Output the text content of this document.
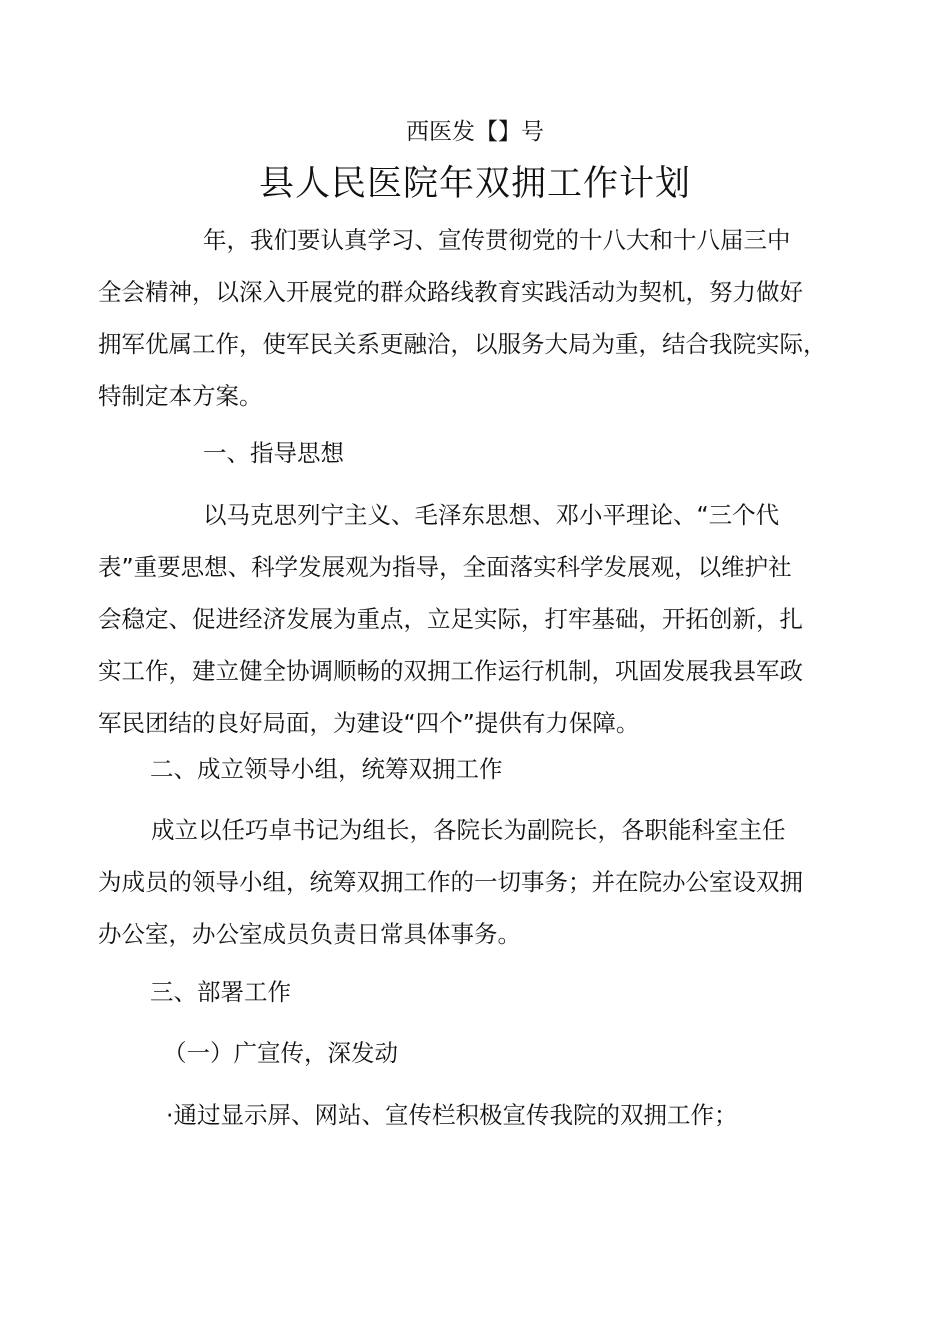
西医发【】号
县人民医院年双拥工作计划
年，我们要认真学习、宣传贯彻党的十八大和十八届三中
全会精神，以深入开展党的群众路线教育实践活动为契机，努力做好
拥军优属工作，使军民关系更融洽，以服务大局为重，结合我院实际，
特制定本方案。
一、指导思想
以马克思列宁主义、毛泽东思想、邓小平理论、“三个代
表”重要思想、科学发展观为指导，全面落实科学发展观，以维护社
会稳定、促进经济发展为重点，立足实际，打牢基础，开拓创新，扎
实工作，建立健全协调顺畅的双拥工作运行机制，巩固发展我县军政
军民团结的良好局面，为建设“四个”提供有力保障。
二、成立领导小组，统筹双拥工作
成立以任巧卓书记为组长，各院长为副院长，各职能科室主任
为成员的领导小组，统筹双拥工作的一切事务；并在院办公室设双拥
办公室，办公室成员负责日常具体事务。
三、部署工作
（一）广宣传，深发动
·通过显示屏、网站、宣传栏积极宣传我院的双拥工作；
